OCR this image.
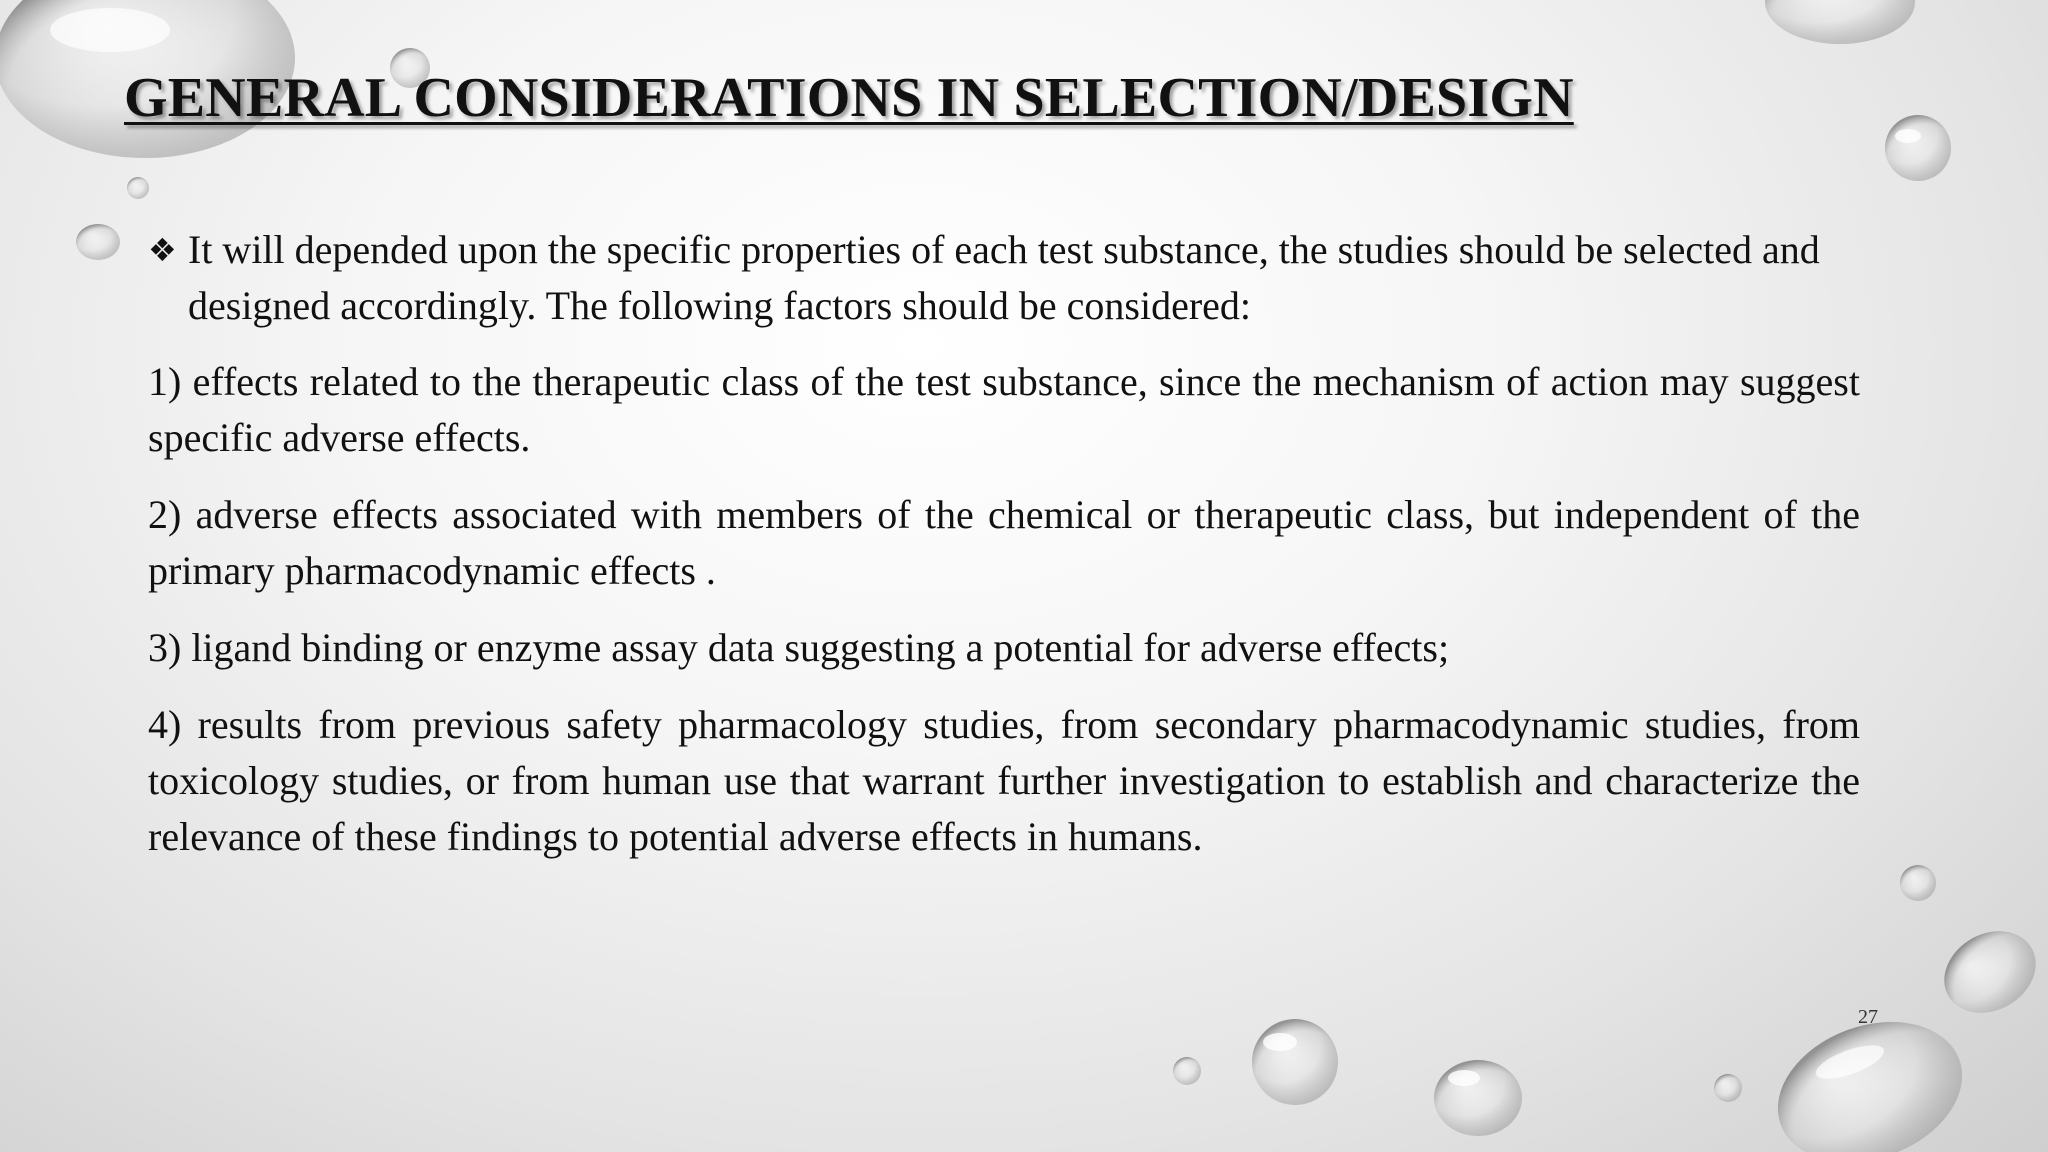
GENERAL CONSIDERATIONS IN SELECTION/DESIGN
❖ It will depended upon the specific properties of each test substance, the studies should be selected and designed accordingly. The following factors should be considered:

1) effects related to the therapeutic class of the test substance, since the mechanism of action may suggest specific adverse effects.

2) adverse effects associated with members of the chemical or therapeutic class, but independent of the primary pharmacodynamic effects .

3) ligand binding or enzyme assay data suggesting a potential for adverse effects;

4) results from previous safety pharmacology studies, from secondary pharmacodynamic studies, from toxicology studies, or from human use that warrant further investigation to establish and characterize the relevance of these findings to potential adverse effects in humans.

27
